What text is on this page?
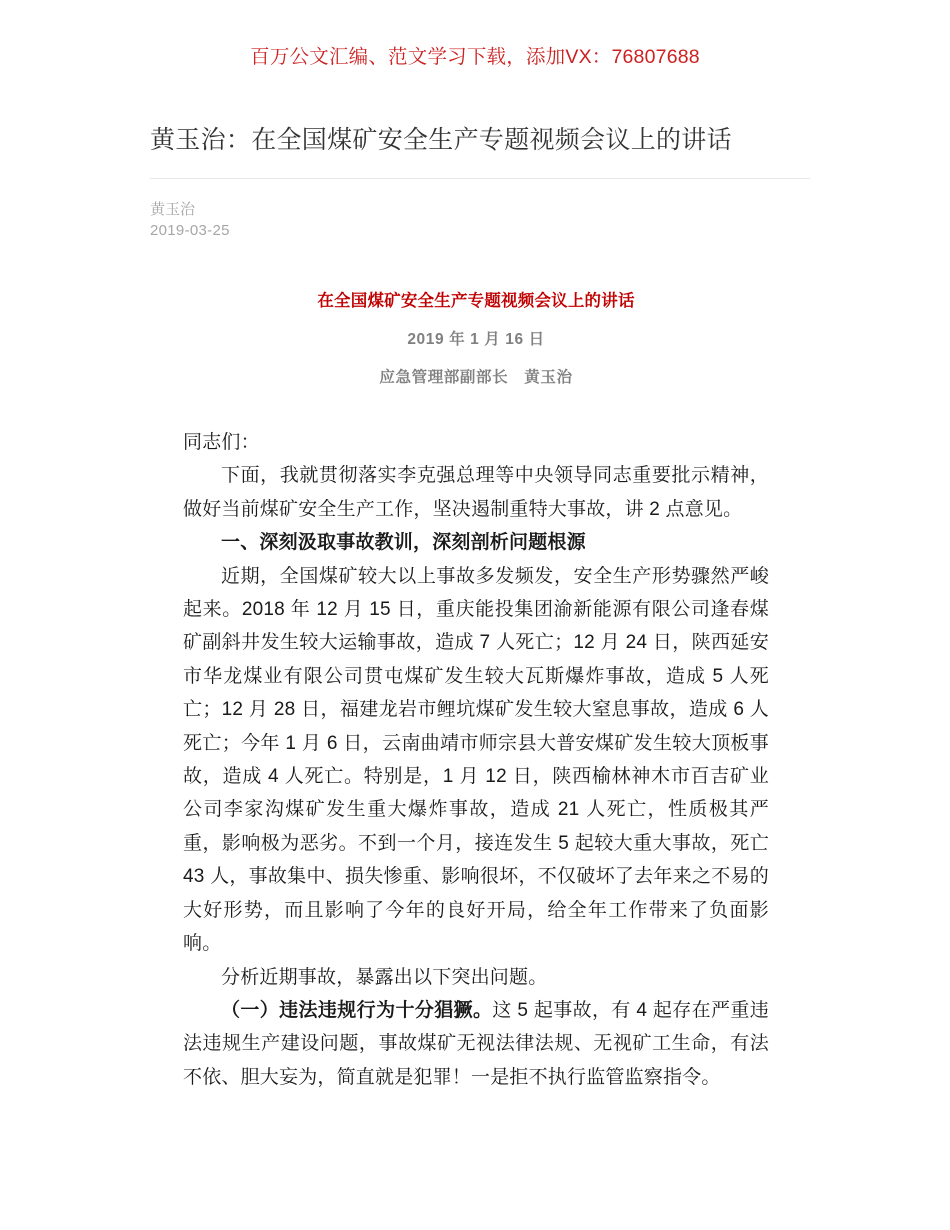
百万公文汇编、范文学习下载，添加VX：76807688
黄玉治：在全国煤矿安全生产专题视频会议上的讲话
黄玉治
2019-03-25
在全国煤矿安全生产专题视频会议上的讲话
2019 年 1 月 16 日
应急管理部副部长　黄玉治

同志们：

下面，我就贯彻落实李克强总理等中央领导同志重要批示精神，做好当前煤矿安全生产工作，坚决遏制重特大事故，讲 2 点意见。

一、深刻汲取事故教训，深刻剖析问题根源

近期，全国煤矿较大以上事故多发频发，安全生产形势骤然严峻起来。2018 年 12 月 15 日，重庆能投集团渝新能源有限公司逢春煤矿副斜井发生较大运输事故，造成 7 人死亡；12 月 24 日，陕西延安市华龙煤业有限公司贯屯煤矿发生较大瓦斯爆炸事故，造成 5 人死亡；12 月 28 日，福建龙岩市鲤坑煤矿发生较大窒息事故，造成 6 人死亡；今年 1 月 6 日，云南曲靖市师宗县大普安煤矿发生较大顶板事故，造成 4 人死亡。特别是，1 月 12 日，陕西榆林神木市百吉矿业公司李家沟煤矿发生重大爆炸事故，造成 21 人死亡，性质极其严重，影响极为恶劣。不到一个月，接连发生 5 起较大重大事故，死亡 43 人，事故集中、损失惨重、影响很坏，不仅破坏了去年来之不易的大好形势，而且影响了今年的良好开局，给全年工作带来了负面影响。

分析近期事故，暴露出以下突出问题。

（一）违法违规行为十分猖獗。这 5 起事故，有 4 起存在严重违法违规生产建设问题，事故煤矿无视法律法规、无视矿工生命，有法不依、胆大妄为，简直就是犯罪！一是拒不执行监管监察指令。
